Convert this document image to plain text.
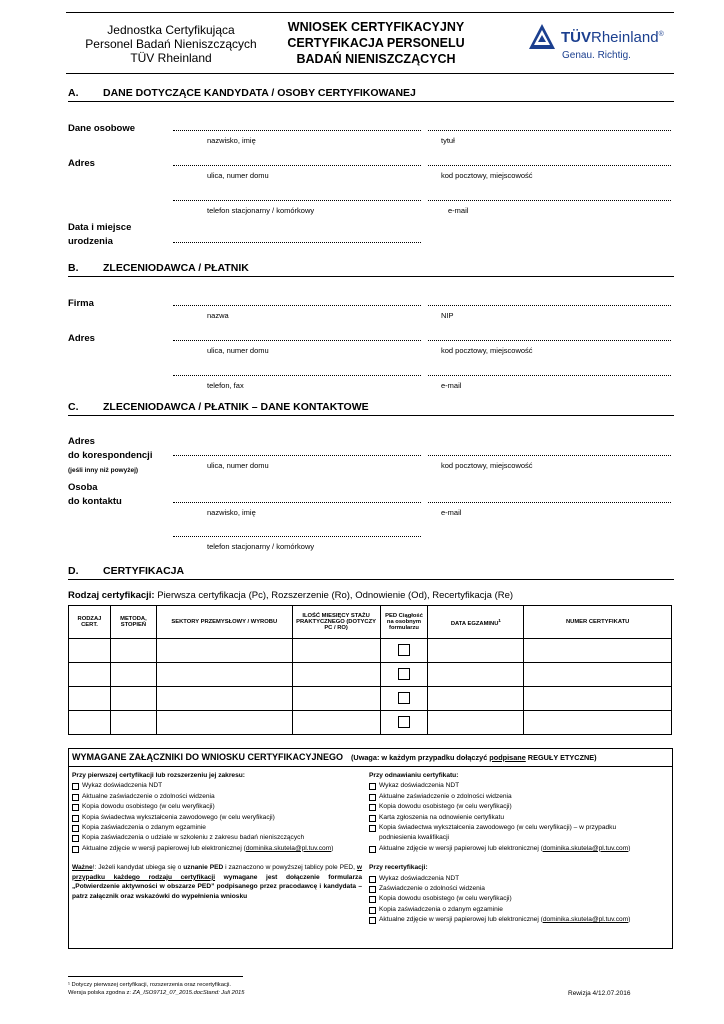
Jednostka Certyfikująca
Personel Badań Nieniszczących
TÜV Rheinland
WNIOSEK CERTYFIKACYJNY
CERTYFIKACJA PERSONELU
BADAŃ NIENISZCZĄCYCH
TÜVRheinland®
Genau. Richtig.
A. DANE DOTYCZĄCE KANDYDATA / OSOBY CERTYFIKOWANEJ
Dane osobowe
nazwisko, imię	tytuł
Adres
ulica, numer domu	kod pocztowy, miejscowość
telefon stacjonarny / komórkowy	e-mail
Data i miejsce
urodzenia
B. ZLECENIODAWCA / PŁATNIK
Firma
nazwa	NIP
Adres
ulica, numer domu	kod pocztowy, miejscowość
telefon, fax	e-mail
C. ZLECENIODAWCA / PŁATNIK – DANE KONTAKTOWE
Adres
do korespondencji
(jeśli inny niż powyżej)
ulica, numer domu	kod pocztowy, miejscowość
Osoba
do kontaktu
nazwisko, imię	e-mail
telefon stacjonarny / komórkowy
D. CERTYFIKACJA
Rodzaj certyfikacji: Pierwsza certyfikacja (Pc), Rozszerzenie (Ro), Odnowienie (Od), Recertyfikacja (Re)
RODZAJ CERT.	METODA, STOPIEŃ	SEKTORY PRZEMYSŁOWY / WYROBU	ILOŚĆ MIESIĘCY STAŻU PRAKTYCZNEGO (DOTYCZY PC / RO)	PED Ciągłość na osobnym formularzu	DATA EGZAMINU$^1$	NUMER CERTYFIKATU

WYMAGANE ZAŁĄCZNIKI DO WNIOSKU CERTYFIKACYJNEGO (Uwaga: w każdym przypadku dołączyć podpisane REGUŁY ETYCZNE)
Przy pierwszej certyfikacji lub rozszerzeniu jej zakresu:
Wykaz doświadczenia NDT
Aktualne zaświadczenie o zdolności widzenia
Kopia dowodu osobistego (w celu weryfikacji)
Kopia świadectwa wykształcenia zawodowego (w celu weryfikacji)
Kopia zaświadczenia o zdanym egzaminie
Kopia zaświadczenia o udziale w szkoleniu z zakresu badań nieniszczących
Aktualne zdjęcie w wersji papierowej lub elektronicznej (dominika.skutela@pl.tuv.com)
Ważne!: Jeżeli kandydat ubiega się o uznanie PED i zaznaczono w powyższej tablicy pole PED, w przypadku każdego rodzaju certyfikacji wymagane jest dołączenie formularza „Potwierdzenie aktywności w obszarze PED” podpisanego przez pracodawcę i kandydata – patrz załącznik oraz wskazówki do wypełnienia wniosku
Przy odnawianiu certyfikatu:
Wykaz doświadczenia NDT
Aktualne zaświadczenie o zdolności widzenia
Kopia dowodu osobistego (w celu weryfikacji)
Karta zgłoszenia na odnowienie certyfikatu
Kopia świadectwa wykształcenia zawodowego (w celu weryfikacji) – w przypadku
podniesienia kwalifikacji
Aktualne zdjęcie w wersji papierowej lub elektronicznej (dominika.skutela@pl.tuv.com)
Przy recertyfikacji:
Wykaz doświadczenia NDT
Zaświadczenie o zdolności widzenia
Kopia dowodu osobistego (w celu weryfikacji)
Kopia zaświadczenia o zdanym egzaminie
Aktualne zdjęcie w wersji papierowej lub elektronicznej (dominika.skutela@pl.tuv.com)
¹ Dotyczy pierwszej certyfikacji, rozszerzenia oraz recertyfikacji.
Wersja polska zgodna z: ZA_ISO9712_07_2015.docStand: Juli 2015	Rewizja 4/12.07.2016
